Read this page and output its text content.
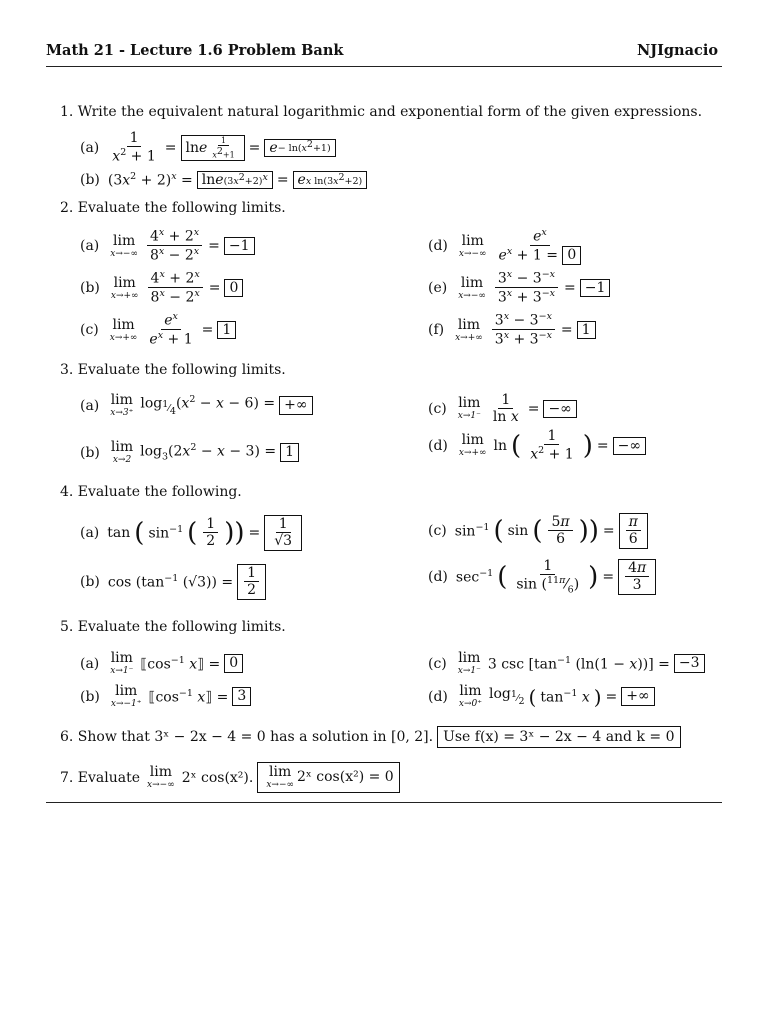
Math 21 - Lecture 1.6 Problem Bank	NJIgnacio
1. Write the equivalent natural logarithmic and exponential form of the given expressions.
$(a) \frac{1}{x^2 + 1} = \ln e \frac{1}{x^2+1} = e - \ln(x^2+1)$
(b) $(3x^2 + 2)^x = \ln e$ $(3x^2+2)^x = e$ x $\ln(3x^2+2)$
2. Evaluate the following limits.
(a) lim
$x\to-\infty \frac{4^x + 2^x}{8^x - 2^x} = -1$
(b) lim
$x\to+\infty \frac{4^x + 2^x}{8^x - 2^x} = 0$
(c) lim
$x\to+\infty \frac{e^x}{e^x + 1} = 1$
(d) lim
$x\to-\infty \frac{e^x}{e^x + 1 = 0}$
(e) lim
$x\to-\infty \frac{3^x - 3^{-x}}{3^x + 3^{-x}} = -1$
(f) lim
$x\to+\infty \frac{3^x - 3^{-x}}{3^x + 3^{-x}} = 1$
3. Evaluate the following limits.
(a) lim
x→3⁺
$\log_{^1⁄_4}(x^2 - x - 6)$ = +∞
(b) lim
x→2
$\log_3(2x^2 - x - 3) = 1$
(c) lim
$x\to 1^- \frac{1}{\text{ln x}}$ = −∞
(d) lim
x→+∞ ln ( $\frac{1}{x^2 + 1}$ ) = −∞
4. Evaluate the following.
(a) tan ( $\sin^{-1}$ ( $\frac{1}{2}$ )) = $\frac{1}{√3}$
(b) $\cos (\tan^{-1}$ $(√3)) = \frac{1}{2}$
(c) $\sin^{-1}$ ( sin ( $\frac{5\pi}{6}$ )) = $\frac{\pi}{6}$
(d) $\sec^{-1}$ ( $\frac{1}{\sin (^{11\pi}⁄_6)}$ ) = $\frac{4\pi}{3}$
5. Evaluate the following limits.
(a) lim
x→1⁻ $⟦\cos^{-1}$ x⟧ = 0
(b) lim
x→−1⁺ $⟦\cos^{-1}$ x⟧ = 3
(c) lim
x→1⁻ 3 $\csc [\tan^{-1}$ (ln(1 − x))] = −3
(d) lim
x→0⁺
$\log_{^1⁄_2}$ ( $\tan^{-1} x$ ) = +∞
6. Show that 3ˣ − 2x − 4 = 0 has a solution in [0, 2]. Use f(x) = 3ˣ − 2x − 4 and k = 0
7. Evaluate lim
x→−∞ 2ˣ cos(x²). lim
x→−∞ 2ˣ cos(x²) = 0
